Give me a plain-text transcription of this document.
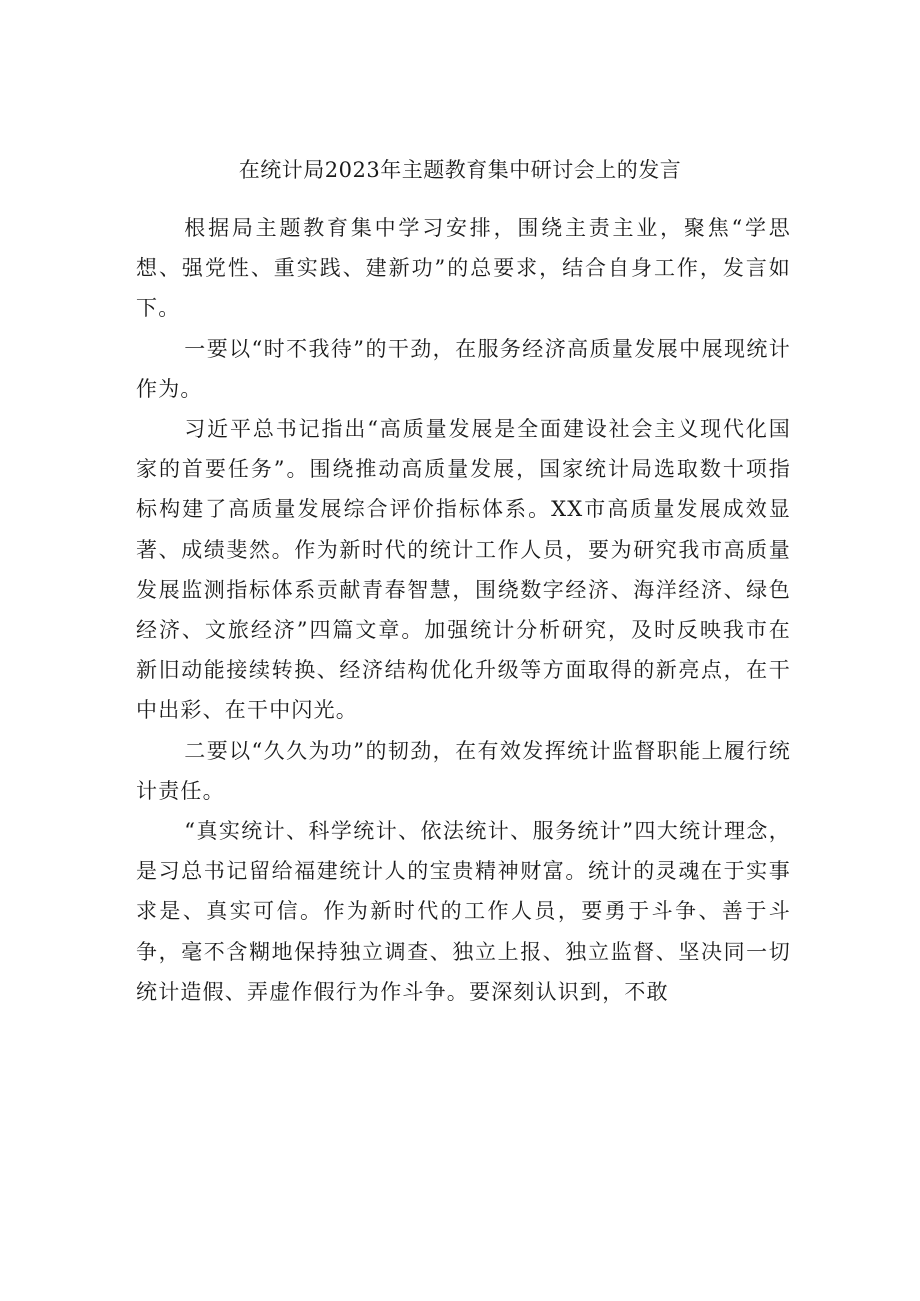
在统计局2023年主题教育集中研讨会上的发言

根据局主题教育集中学习安排，围绕主责主业，聚焦“学思想、强党性、重实践、建新功”的总要求，结合自身工作，发言如下。

一要以“时不我待”的干劲，在服务经济高质量发展中展现统计作为。

习近平总书记指出“高质量发展是全面建设社会主义现代化国家的首要任务”。围绕推动高质量发展，国家统计局选取数十项指标构建了高质量发展综合评价指标体系。XX市高质量发展成效显著、成绩斐然。作为新时代的统计工作人员，要为研究我市高质量发展监测指标体系贡献青春智慧，围绕数字经济、海洋经济、绿色经济、文旅经济”四篇文章。加强统计分析研究，及时反映我市在新旧动能接续转换、经济结构优化升级等方面取得的新亮点，在干中出彩、在干中闪光。

二要以“久久为功”的韧劲，在有效发挥统计监督职能上履行统计责任。

“真实统计、科学统计、依法统计、服务统计”四大统计理念，是习总书记留给福建统计人的宝贵精神财富。统计的灵魂在于实事求是、真实可信。作为新时代的工作人员，要勇于斗争、善于斗争，毫不含糊地保持独立调查、独立上报、独立监督、坚决同一切统计造假、弄虚作假行为作斗争。要深刻认识到，不敢
